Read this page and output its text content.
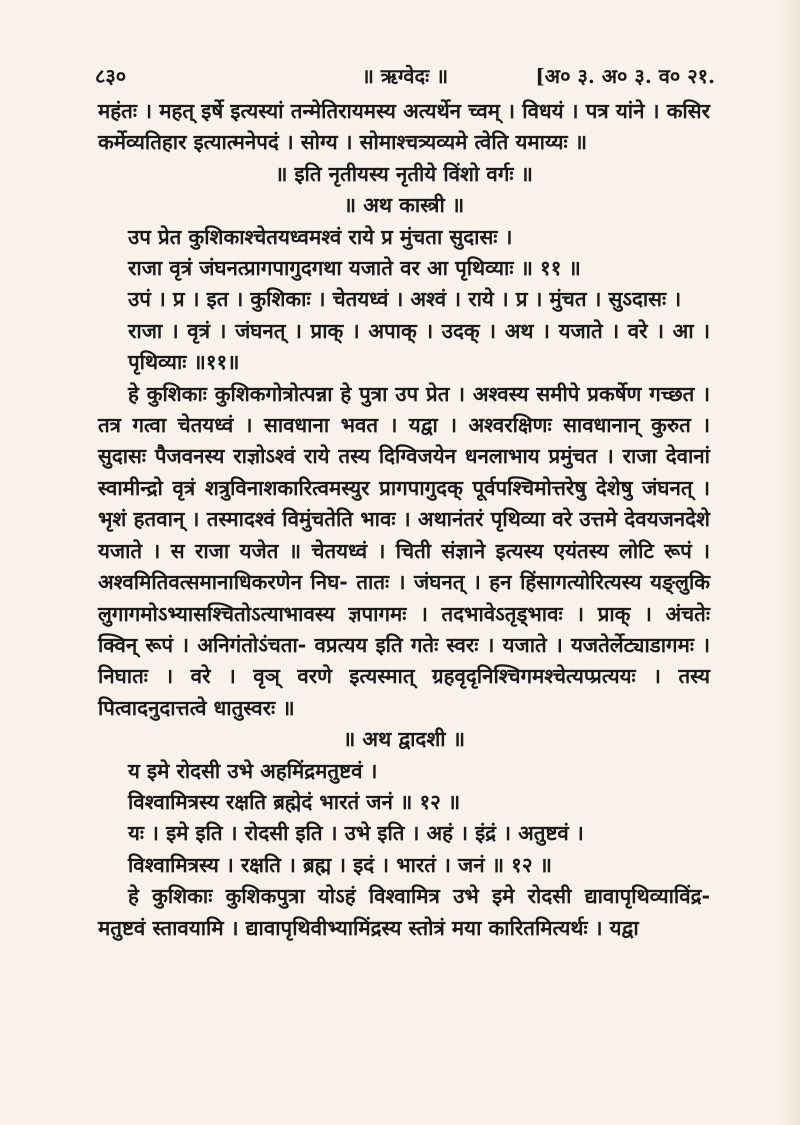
८३०	॥ ऋग्वेदः ॥	[अ० ३. अ० ३. व० २१.

महंतः । महत् इर्षे इत्यस्यां तन्मेतिरायमस्य अत्यर्थेन च्वम् । विधयं । पत्र यांने । कसिर कर्मेव्यतिहार इत्यात्मनेपदं । सोग्य । सोमाश्चत्र्यव्यमे त्वेति यमाय्यः ॥

॥ इति नृतीयस्य नृतीये विंशो वर्गः ॥

॥ अथ कास्त्री ॥

उप प्रेत कुशिकाश्चेतयध्वमश्वं राये प्र मुंचता सुदासः ।

राजा वृत्रं जंघनत्प्रागपागुदगथा यजाते वर आ पृथिव्याः ॥ ११ ॥

उपं । प्र । इत । कुशिकाः । चेतयध्वं । अश्वं । राये । प्र । मुंचत । सुऽदासः ।

राजा । वृत्रं । जंघनत् । प्राक् । अपाक् । उदक् । अथ । यजाते । वरे । आ । पृथिव्याः ॥११॥

हे कुशिकाः कुशिकगोत्रोत्पन्ना हे पुत्रा उप प्रेत । अश्वस्य समीपे प्रकर्षेण गच्छत । तत्र गत्वा चेतयध्वं । सावधाना भवत । यद्वा । अश्वरक्षिणः सावधानान् कुरुत । सुदासः पैजवनस्य राज्ञोऽश्वं राये तस्य दिग्विजयेन धनलाभाय प्रमुंचत । राजा देवानां स्वामीन्द्रो वृत्रं शत्रुविनाशकारित्वमस्युर प्रागपागुदक् पूर्वपश्चिमोत्तरेषु देशेषु जंघनत् । भृशं हतवान् । तस्मादश्वं विमुंचतेति भावः । अथानंतरं पृथिव्या वरे उत्तमे देवयजनदेशे यजाते । स राजा यजेत ॥ चेतयध्वं । चिती संज्ञाने इत्यस्य एयंतस्य लोटि रूपं । अश्वमितिवत्समानाधिकरणेन निघ- तातः । जंघनत् । हन हिंसागत्योरित्यस्य यङ्लुकि लुगागमोऽभ्यासश्चितोऽत्याभावस्य ज्ञपागमः । तदभावेऽतृड्भावः । प्राक् । अंचतेः क्विन् रूपं । अनिगंतोऽंचता- वप्रत्यय इति गतेः स्वरः । यजाते । यजतेर्लेट्याडागमः । निघातः । वरे । वृञ् वरणे इत्यस्मात् ग्रहवृदृनिश्चिगमश्चेत्यप्प्रत्ययः । तस्य पित्वादनुदात्तत्वे धातुस्वरः ॥

॥ अथ द्वादशी ॥

य इमे रोदसी उभे अहमिंद्रमतुष्टवं ।

विश्वामित्रस्य रक्षति ब्रह्मेदं भारतं जनं ॥ १२ ॥

यः । इमे इति । रोदसी इति । उभे इति । अहं । इंद्रं । अतुष्टवं ।

विश्वामित्रस्य । रक्षति । ब्रह्म । इदं । भारतं । जनं ॥ १२ ॥

हे कुशिकाः कुशिकपुत्रा योऽहं विश्वामित्र उभे इमे रोदसी द्यावापृथिव्याविंद्र- मतुष्टवं स्तावयामि । द्यावापृथिवीभ्यामिंद्रस्य स्तोत्रं मया कारितमित्यर्थः । यद्वा
